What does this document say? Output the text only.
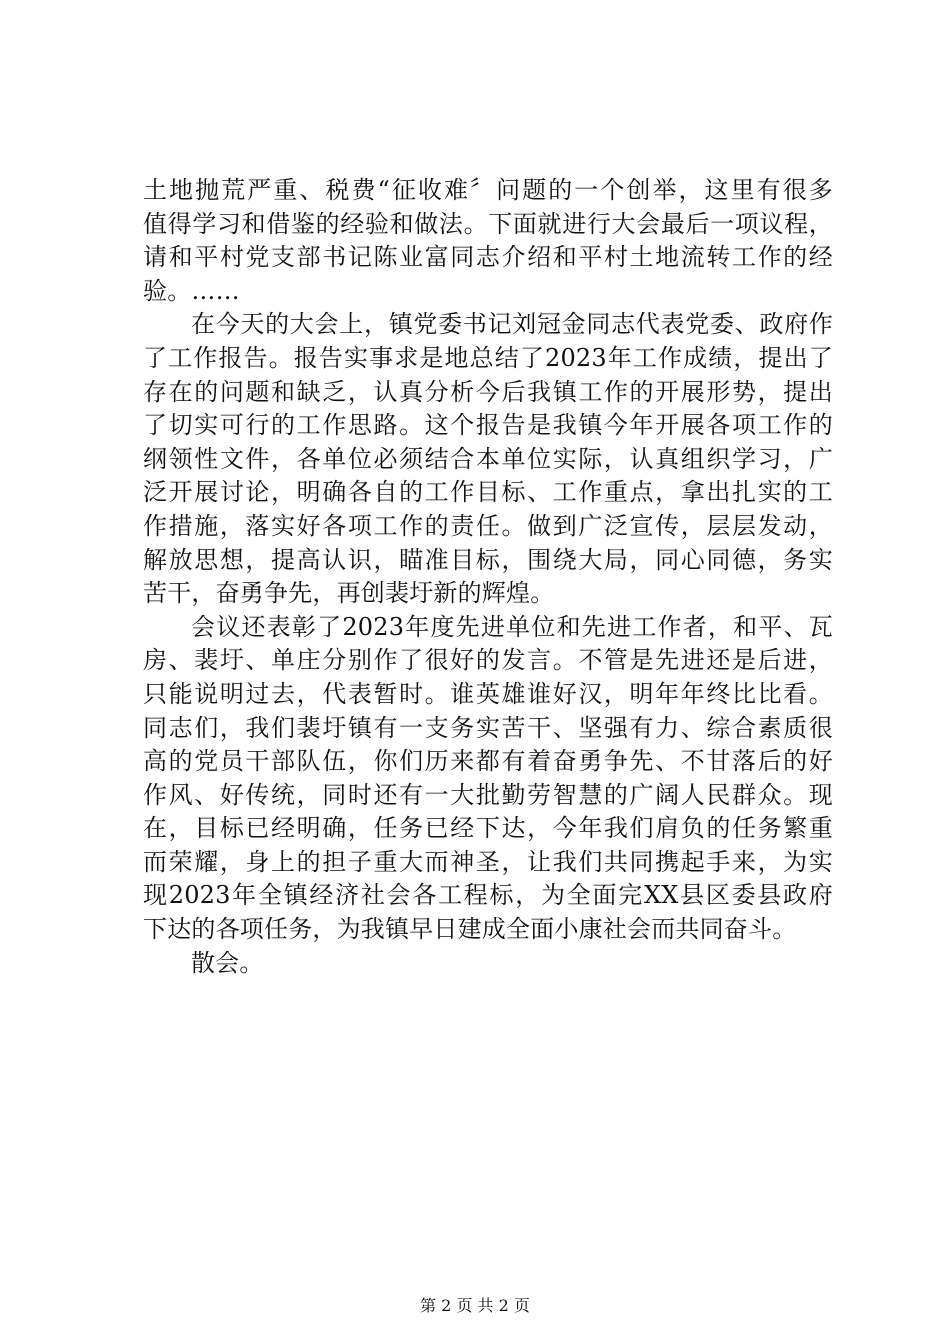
土地抛荒严重、税费“征收难〞问题的一个创举，这里有很多
值得学习和借鉴的经验和做法。下面就进行大会最后一项议程，
请和平村党支部书记陈业富同志介绍和平村土地流转工作的经
验。……
在今天的大会上，镇党委书记刘冠金同志代表党委、政府作
了工作报告。报告实事求是地总结了2023年工作成绩，提出了
存在的问题和缺乏，认真分析今后我镇工作的开展形势，提出
了切实可行的工作思路。这个报告是我镇今年开展各项工作的
纲领性文件，各单位必须结合本单位实际，认真组织学习，广
泛开展讨论，明确各自的工作目标、工作重点，拿出扎实的工
作措施，落实好各项工作的责任。做到广泛宣传，层层发动，
解放思想，提高认识，瞄准目标，围绕大局，同心同德，务实
苦干，奋勇争先，再创裴圩新的辉煌。
会议还表彰了2023年度先进单位和先进工作者，和平、瓦
房、裴圩、单庄分别作了很好的发言。不管是先进还是后进，
只能说明过去，代表暂时。谁英雄谁好汉，明年年终比比看。
同志们，我们裴圩镇有一支务实苦干、坚强有力、综合素质很
高的党员干部队伍，你们历来都有着奋勇争先、不甘落后的好
作风、好传统，同时还有一大批勤劳智慧的广阔人民群众。现
在，目标已经明确，任务已经下达，今年我们肩负的任务繁重
而荣耀，身上的担子重大而神圣，让我们共同携起手来，为实
现2023年全镇经济社会各工程标，为全面完XX县区委县政府
下达的各项任务，为我镇早日建成全面小康社会而共同奋斗。
散会。
第 2 页 共 2 页
